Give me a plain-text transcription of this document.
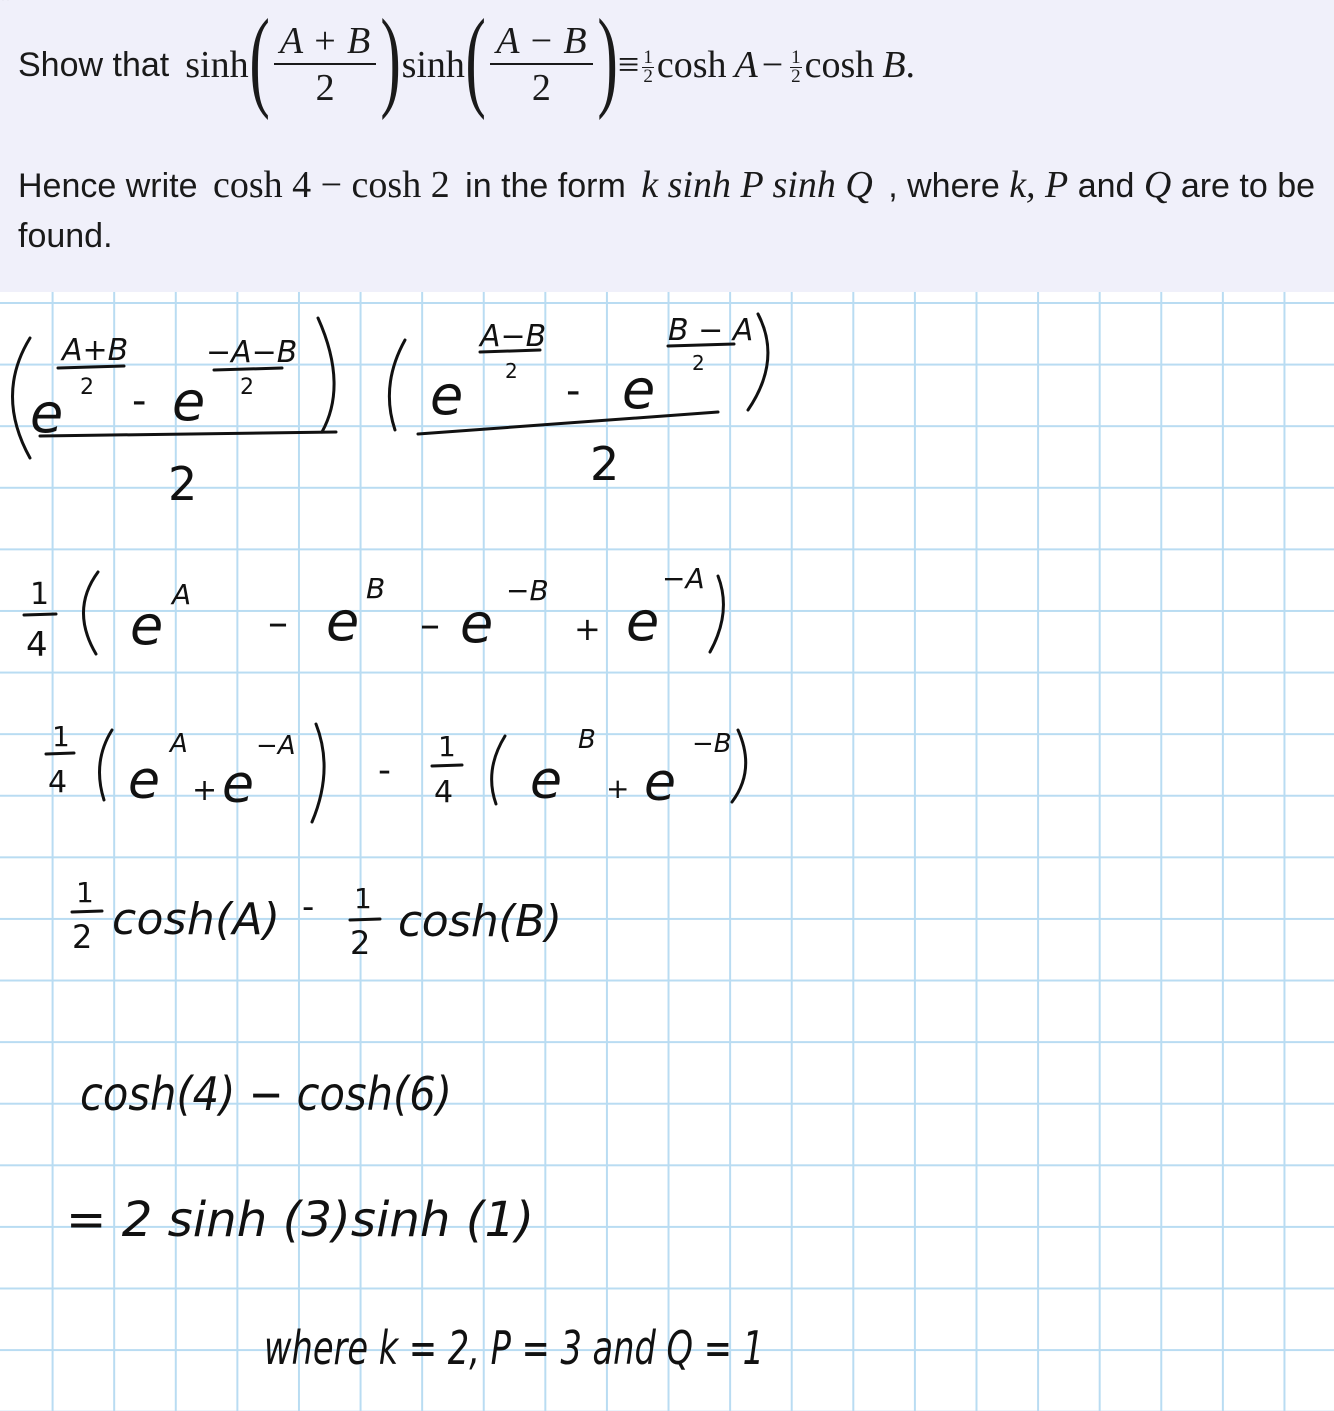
Show that sinh ( $\frac{A + B}{2}$ ) sinh ( $\frac{A - B}{2}$ ) ≡ $\frac{1}{2}$ $\cosh A - \frac{1}{2}$ cosh B .
Hence write cosh 4 − cosh 2 in the form k sinh P sinh Q , where k, P and Q are to be found.
e
A+B
2 - e
−A−B
2
2
e
A−B
2 - e
B − A
2
2
1
4 e A
– e
B
– e
−B
+ e
−A
1
4 e
A
+ e
−A
-
1
4 e
B
+ e
−B
1
2 cosh(A) - 1
2 cosh(B)
cosh(A) − cosh(B)
cosh(4) − cosh(6)
= 2 sinh (3)sinh (1)
where k = 2, P = 3 and Q = 1
